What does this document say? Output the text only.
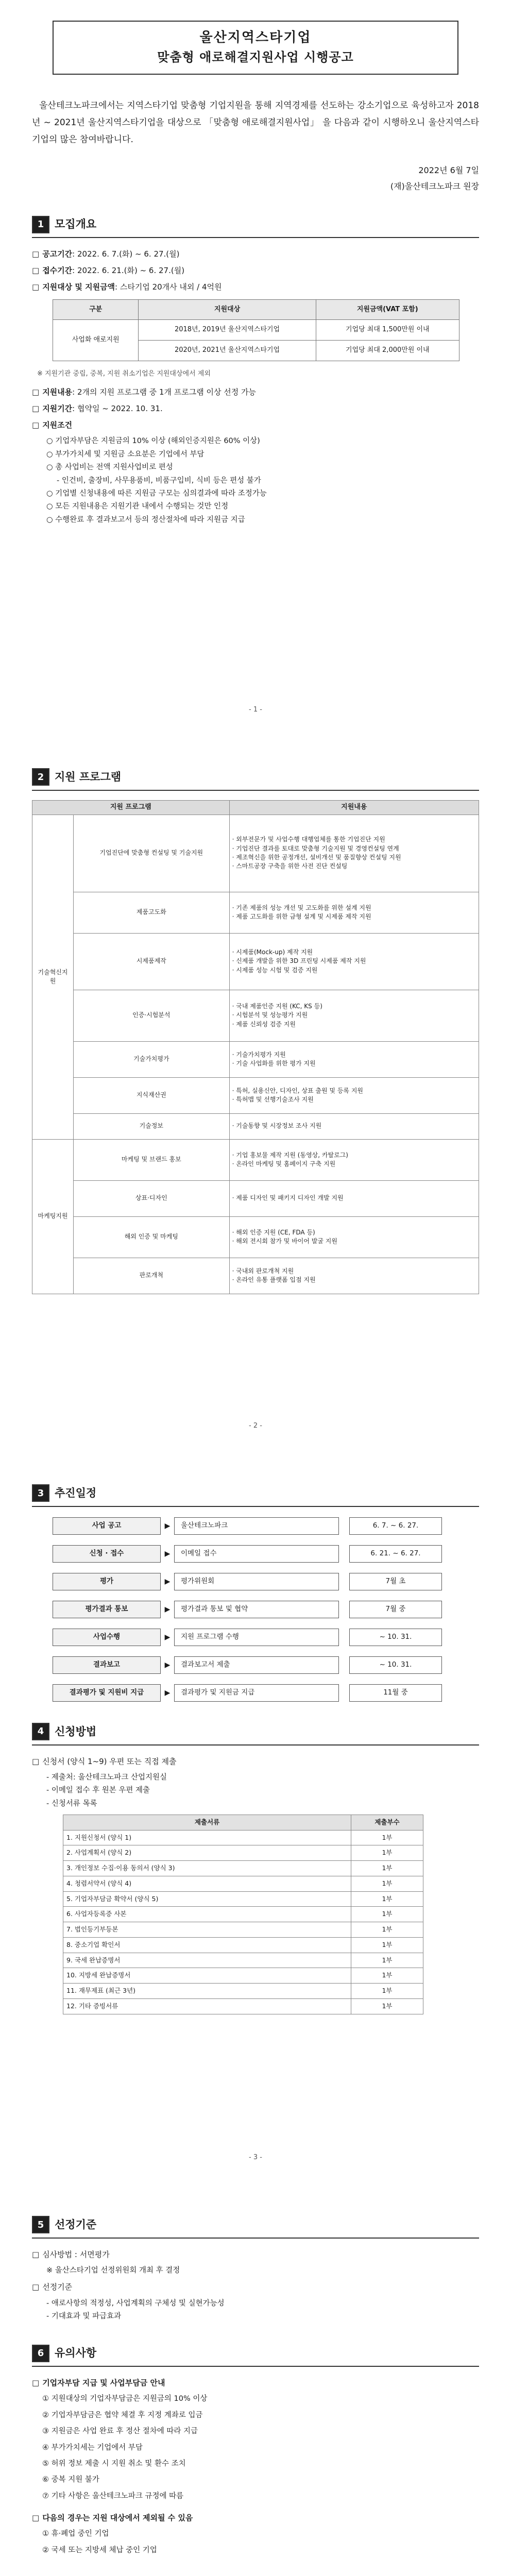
울산지역스타기업
맞춤형 애로해결지원사업 시행공고

울산테크노파크에서는 지역스타기업 맞춤형 기업지원을 통해 지역경제를 선도하는 강소기업으로 육성하고자 2018년 ~ 2021년 울산지역스타기업을 대상으로 「맞춤형 애로해결지원사업」 을 다음과 같이 시행하오니 울산지역스타기업의 많은 참여바랍니다.

2022년 6월 7일
(재)울산테크노파크 원장
1 모집개요
□ 공고기간: 2022. 6. 7.(화) ~ 6. 27.(월)
□ 접수기간: 2022. 6. 21.(화) ~ 6. 27.(월)
□ 지원대상 및 지원금액: 스타기업 20개사 내외 / 4억원
구분	지원대상	지원금액(VAT 포함)
사업화 애로지원	2018년, 2019년 울산지역스타기업	기업당 최대 1,500만원 이내
	2020년, 2021년 울산지역스타기업	기업당 최대 2,000만원 이내
※ 지원기관 중립, 중복, 지원 취소기업은 지원대상에서 제외
□ 지원내용: 2개의 지원 프로그램 중 1개 프로그램 이상 선정 가능
□ 지원기간: 협약일 ~ 2022. 10. 31.
□ 지원조건
○ 기업자부담은 지원금의 10% 이상 (해외인증지원은 60% 이상)
○ 부가가치세 및 지원금 소요분은 기업에서 부담
○ 총 사업비는 전액 지원사업비로 편성
- 인건비, 출장비, 사무용품비, 비품구입비, 식비 등은 편성 불가
○ 기업별 신청내용에 따른 지원금 구모는 심의결과에 따라 조정가능
○ 모든 지원내용은 지원기관 내에서 수행되는 것만 인정
○ 수행완료 후 결과보고서 등의 정산절차에 따라 지원금 지급
- 1 -
2 지원 프로그램
지원 프로그램		지원내용
기술혁신지원	기업진단에 맞춤형 컨설팅 및 기술지원	· 외부전문가 및 사업수행 대행업체를 통한 기업진단 지원
· 기업진단 결과를 토대로 맞춤형 기술지원 및 경영컨설팅 연계
· 제조혁신을 위한 공정개선, 설비개선 및 품질향상 컨설팅 지원
· 스마트공장 구축을 위한 사전 진단 컨설팅
	제품고도화	· 기존 제품의 성능 개선 및 고도화를 위한 설계 지원
· 제품 고도화를 위한 금형 설계 및 시제품 제작 지원
	시제품제작	· 시제품(Mock-up) 제작 지원
· 신제품 개발을 위한 3D 프린팅 시제품 제작 지원
· 시제품 성능 시험 및 검증 지원
	인증·시험분석	· 국내 제품인증 지원 (KC, KS 등)
· 시험분석 및 성능평가 지원
· 제품 신뢰성 검증 지원
	기술가치평가	· 기술가치평가 지원
· 기술 사업화를 위한 평가 지원
	지식재산권	· 특허, 실용신안, 디자인, 상표 출원 및 등록 지원
· 특허맵 및 선행기술조사 지원
	기술정보	· 기술동향 및 시장정보 조사 지원
마케팅지원	마케팅 및 브랜드 홍보	· 기업 홍보물 제작 지원 (동영상, 카탈로그)
· 온라인 마케팅 및 홈페이지 구축 지원
	상표·디자인	· 제품 디자인 및 패키지 디자인 개발 지원
	해외 인증 및 마케팅	· 해외 인증 지원 (CE, FDA 등)
· 해외 전시회 참가 및 바이어 발굴 지원
	판로개척	· 국내외 판로개척 지원
· 온라인 유통 플랫폼 입점 지원
- 2 -
3 추진일정
사업 공고	▶	울산테크노파크	6. 7. ~ 6. 27.
신청 · 접수	▶	이메일 접수	6. 21. ~ 6. 27.
평가	▶	평가위원회	7월 초
평가결과 통보	▶	평가결과 통보 및 협약	7월 중
사업수행	▶	지원 프로그램 수행	~ 10. 31.
결과보고	▶	결과보고서 제출	~ 10. 31.
결과평가 및 지원비 지급	▶	결과평가 및 지원금 지급	11월 중
4 신청방법
□ 신청서 (양식 1~9) 우편 또는 직접 제출
- 제출처: 울산테크노파크 산업지원실
- 이메일 접수 후 원본 우편 제출
- 신청서류 목록
제출서류	제출부수
1. 지원신청서 (양식 1)	1부
2. 사업계획서 (양식 2)	1부
3. 개인정보 수집·이용 동의서 (양식 3)	1부
4. 청렴서약서 (양식 4)	1부
5. 기업자부담금 확약서 (양식 5)	1부
6. 사업자등록증 사본	1부
7. 법인등기부등본	1부
8. 중소기업 확인서	1부
9. 국세 완납증명서	1부
10. 지방세 완납증명서	1부
11. 재무제표 (최근 3년)	1부
12. 기타 증빙서류	1부
- 3 -
5 선정기준
□ 심사방법 : 서면평가
※ 울산스타기업 선정위원회 개최 후 결정
□ 선정기준
- 애로사항의 적정성, 사업계획의 구체성 및 실현가능성
- 기대효과 및 파급효과
6 유의사항
□ 기업자부담 지급 및 사업부담금 안내
① 지원대상의 기업자부담금은 지원금의 10% 이상
② 기업자부담금은 협약 체결 후 지정 계좌로 입금
③ 지원금은 사업 완료 후 정산 절차에 따라 지급
④ 부가가치세는 기업에서 부담
⑤ 허위 정보 제출 시 지원 취소 및 환수 조치
⑥ 중복 지원 불가
⑦ 기타 사항은 울산테크노파크 규정에 따름
□ 다음의 경우는 지원 대상에서 제외될 수 있음
① 휴·폐업 중인 기업
② 국세 또는 지방세 체납 중인 기업
